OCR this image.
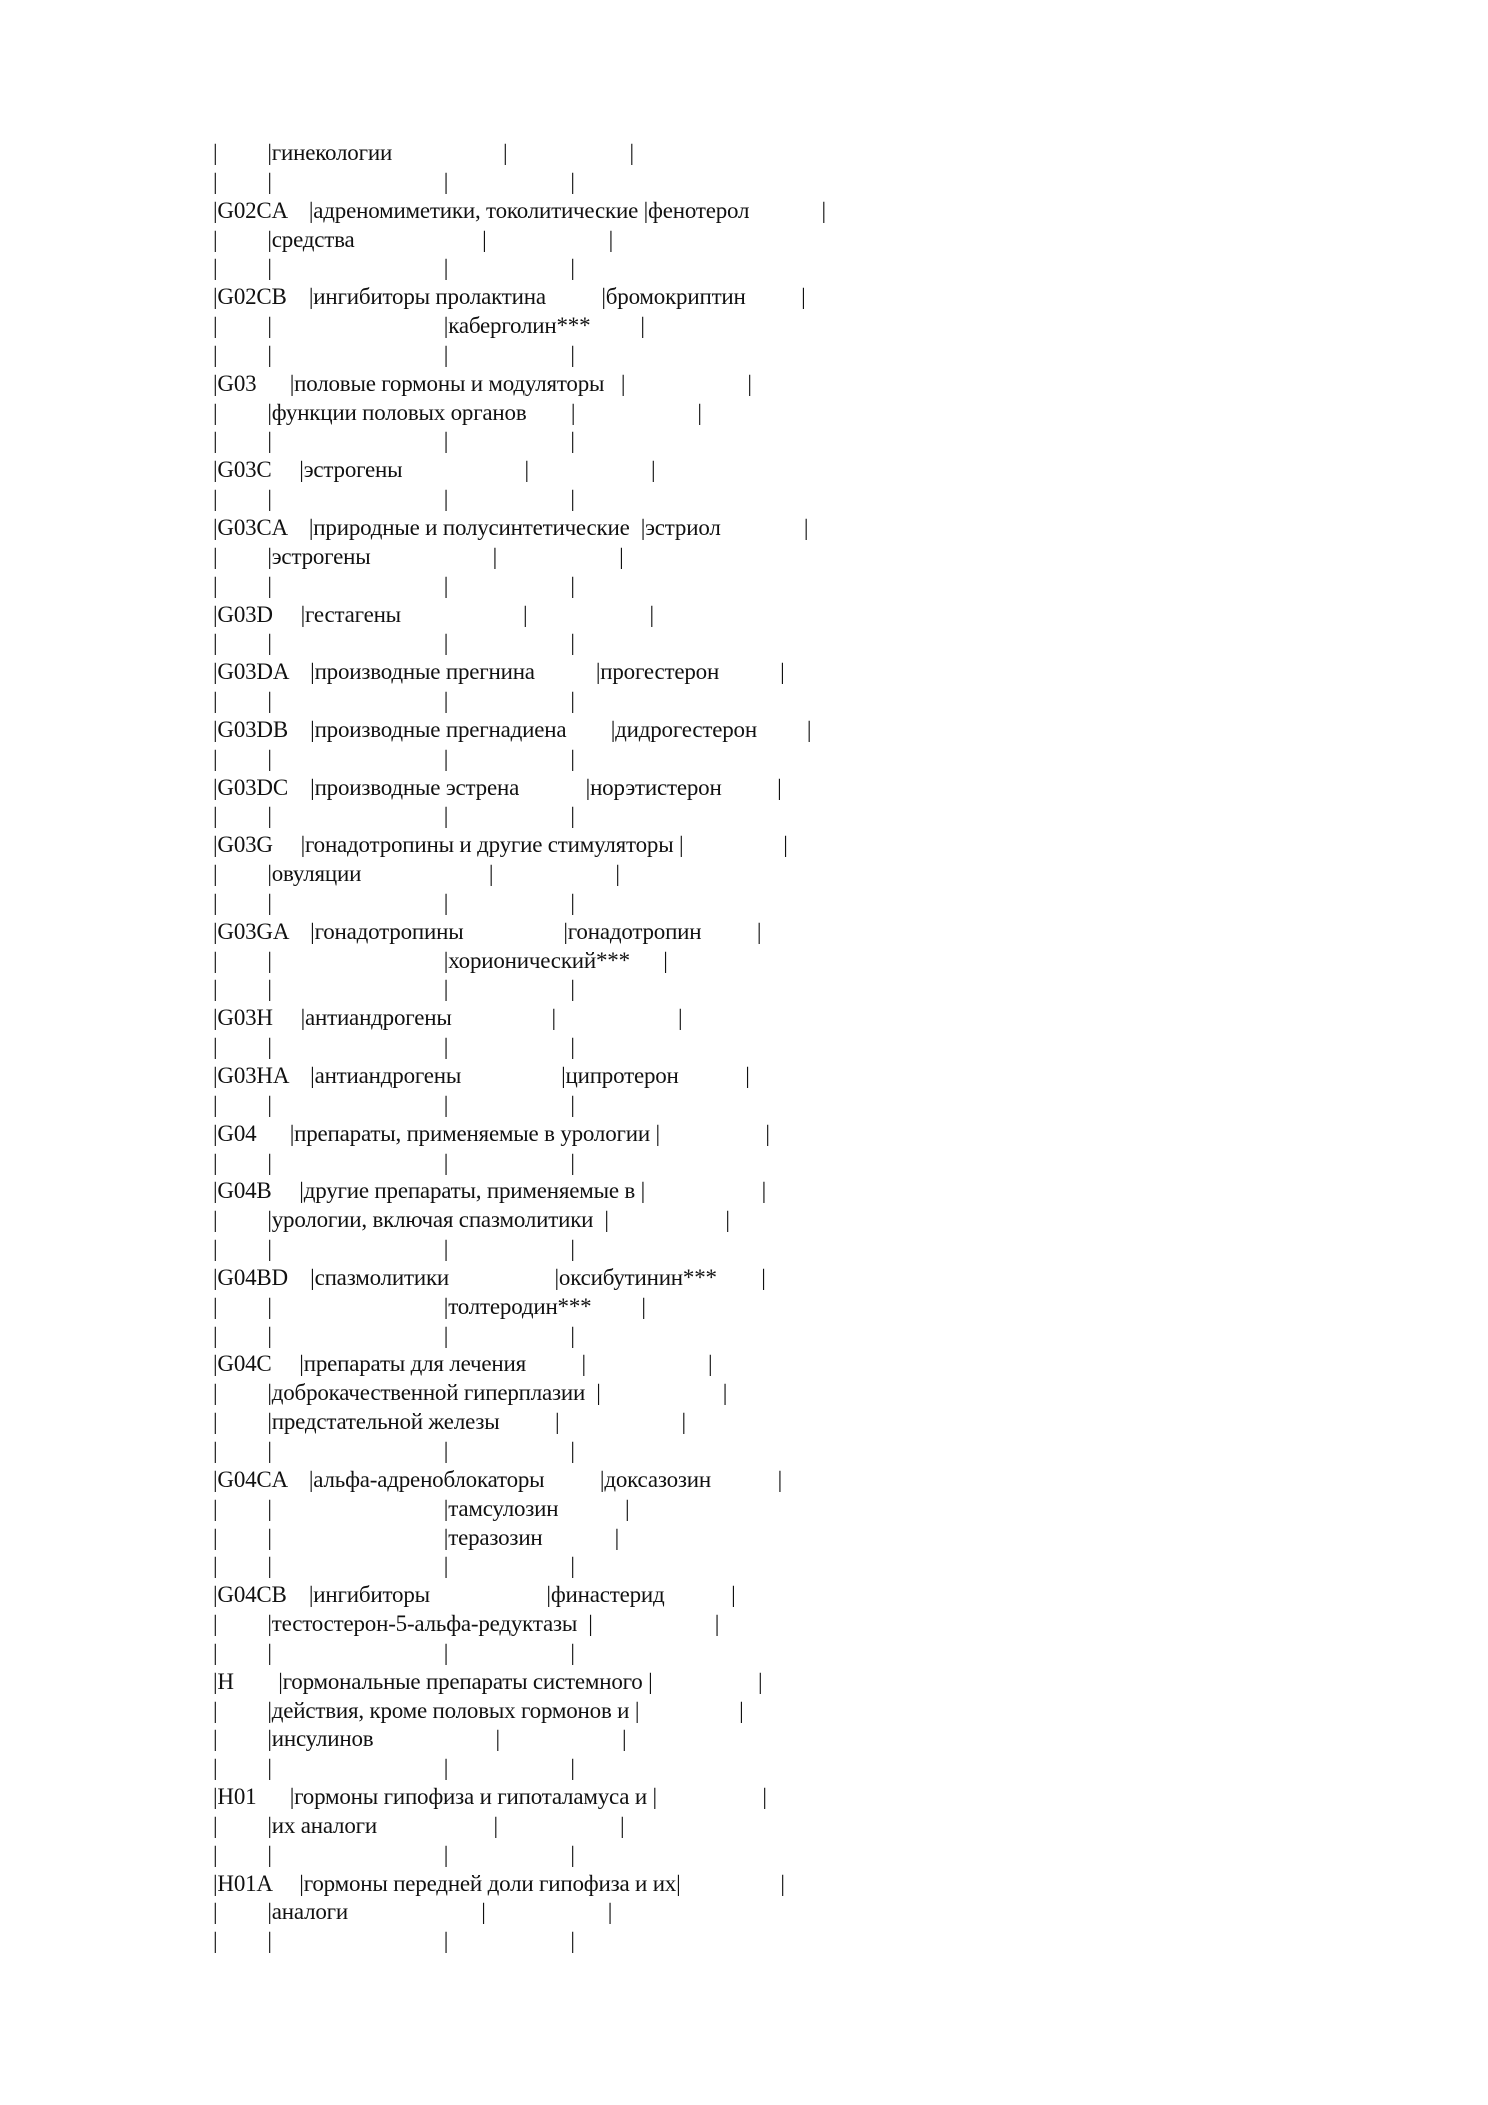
|         |гинекологии                    |                      |

|         |                               |                      |

|G02CA    |адреномиметики, токолитические |фенотерол             |

|         |средства                       |                      |

|         |                               |                      |

|G02CB    |ингибиторы пролактина          |бромокриптин          |

|         |                               |каберголин***         |

|         |                               |                      |

|G03      |половые гормоны и модуляторы   |                      |

|         |функции половых органов        |                      |

|         |                               |                      |

|G03C     |эстрогены                      |                      |

|         |                               |                      |

|G03CA    |природные и полусинтетические  |эстриол               |

|         |эстрогены                      |                      |

|         |                               |                      |

|G03D     |гестагены                      |                      |

|         |                               |                      |

|G03DA    |производные прегнина           |прогестерон           |

|         |                               |                      |

|G03DB    |производные прегнадиена        |дидрогестерон         |

|         |                               |                      |

|G03DC    |производные эстрена            |норэтистерон          |

|         |                               |                      |

|G03G     |гонадотропины и другие стимуляторы |                  |

|         |овуляции                       |                      |

|         |                               |                      |

|G03GA    |гонадотропины                  |гонадотропин          |

|         |                               |хорионический***      |

|         |                               |                      |

|G03H     |антиандрогены                  |                      |

|         |                               |                      |

|G03HA    |антиандрогены                  |ципротерон            |

|         |                               |                      |

|G04      |препараты, применяемые в урологии |                   |

|         |                               |                      |

|G04B     |другие препараты, применяемые в |                     |

|         |урологии, включая спазмолитики  |                     |

|         |                               |                      |

|G04BD    |спазмолитики                   |оксибутинин***        |

|         |                               |толтеродин***         |

|         |                               |                      |

|G04C     |препараты для лечения          |                      |

|         |доброкачественной гиперплазии  |                      |

|         |предстательной железы          |                      |

|         |                               |                      |

|G04CA    |альфа-адреноблокаторы          |доксазозин            |

|         |                               |тамсулозин            |

|         |                               |теразозин             |

|         |                               |                      |

|G04CB    |ингибиторы                     |финастерид            |

|         |тестостерон-5-альфа-редуктазы  |                      |

|         |                               |                      |

|H        |гормональные препараты системного |                   |

|         |действия, кроме половых гормонов и |                  |

|         |инсулинов                      |                      |

|         |                               |                      |

|H01      |гормоны гипофиза и гипоталамуса и |                   |

|         |их аналоги                     |                      |

|         |                               |                      |

|H01A     |гормоны передней доли гипофиза и их|                  |

|         |аналоги                        |                      |

|         |                               |                      |
